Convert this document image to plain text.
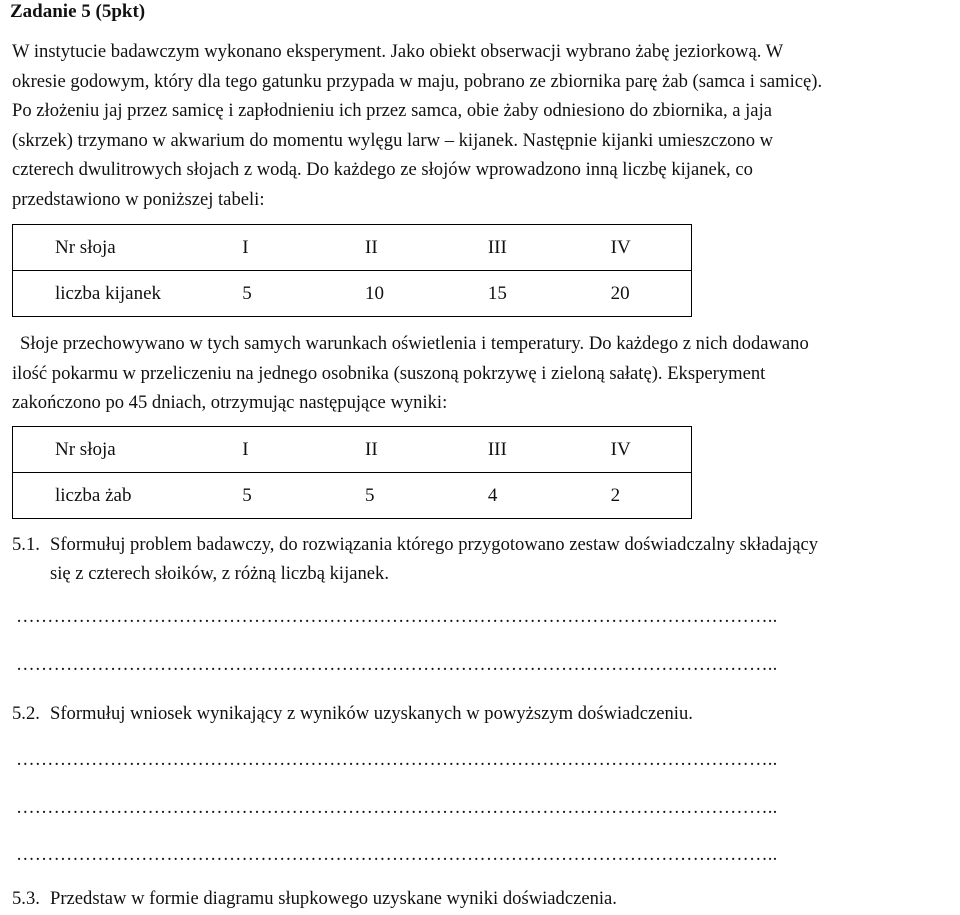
Zadanie 5 (5pkt)

W instytucie badawczym wykonano eksperyment. Jako obiekt obserwacji wybrano żabę jeziorkową. W
okresie godowym, który dla tego gatunku przypada w maju, pobrano ze zbiornika parę żab (samca i samicę).
Po złożeniu jaj przez samicę i zapłodnieniu ich przez samca, obie żaby odniesiono do zbiornika, a jaja
(skrzek) trzymano w akwarium do momentu wylęgu larw – kijanek. Następnie kijanki umieszczono w
czterech dwulitrowych słojach z wodą. Do każdego ze słojów wprowadzono inną liczbę kijanek, co
przedstawiono w poniższej tabeli:

Nr słoja	I	II	III	IV
liczba kijanek	5	10	15	20

Słoje przechowywano w tych samych warunkach oświetlenia i temperatury. Do każdego z nich dodawano
ilość pokarmu w przeliczeniu na jednego osobnika (suszoną pokrzywę i zieloną sałatę). Eksperyment
zakończono po 45 dniach, otrzymując następujące wyniki:

Nr słoja	I	II	III	IV
liczba żab	5	5	4	2
5.1. Sformułuj problem badawczy, do rozwiązania którego przygotowano zestaw doświadczalny składający
się z czterech słoików, z różną liczbą kijanek.
…………………………………………………………………………………………………………..
…………………………………………………………………………………………………………..
5.2. Sformułuj wniosek wynikający z wyników uzyskanych w powyższym doświadczeniu.
…………………………………………………………………………………………………………..
…………………………………………………………………………………………………………..
…………………………………………………………………………………………………………..
5.3. Przedstaw w formie diagramu słupkowego uzyskane wyniki doświadczenia.
